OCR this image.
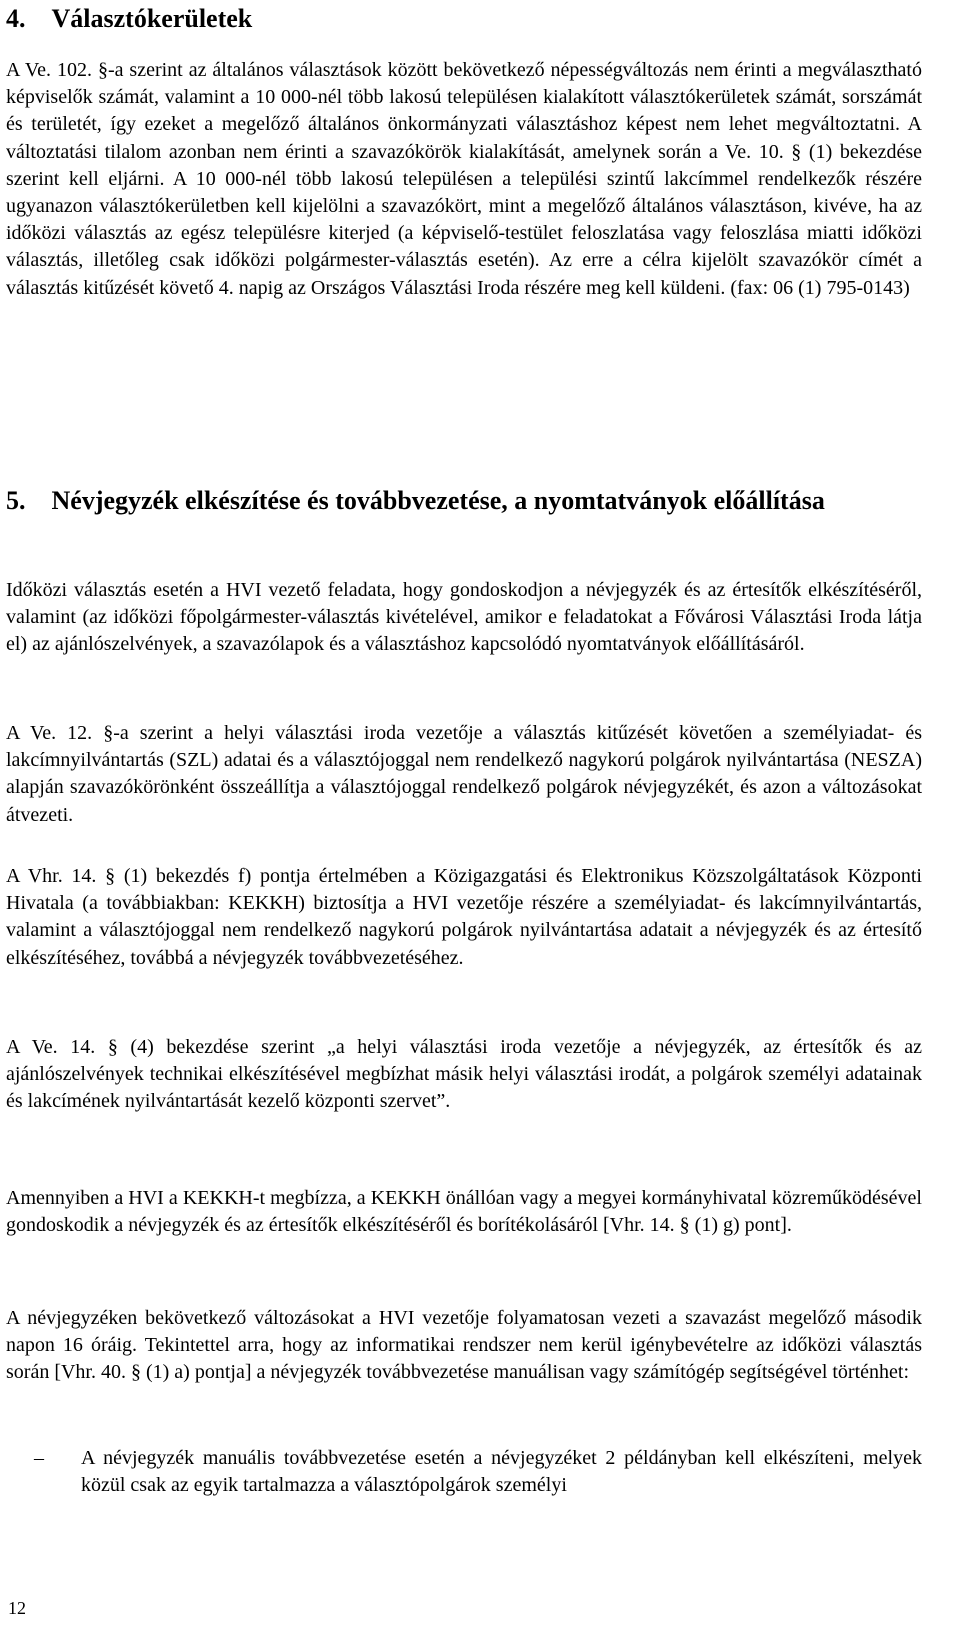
4.    Választókerületek

A Ve. 102. §-a szerint az általános választások között bekövetkező népességváltozás nem érinti a megválasztható képviselők számát, valamint a 10 000-nél több lakosú településen kialakított választókerületek számát, sorszámát és területét, így ezeket a megelőző általános önkormányzati választáshoz képest nem lehet megváltoztatni. A változtatási tilalom azonban nem érinti a szavazókörök kialakítását, amelynek során a Ve. 10. § (1) bekezdése szerint kell eljárni. A 10 000-nél több lakosú településen a települési szintű lakcímmel rendelkezők részére ugyanazon választókerületben kell kijelölni a szavazókört, mint a megelőző általános választáson, kivéve, ha az időközi választás az egész településre kiterjed (a képviselő-testület feloszlatása vagy feloszlása miatti időközi választás, illetőleg csak időközi polgármester-választás esetén). Az erre a célra kijelölt szavazókör címét a választás kitűzését követő 4. napig az Országos Választási Iroda részére meg kell küldeni. (fax: 06 (1) 795-0143)

5.    Névjegyzék elkészítése és továbbvezetése, a nyomtatványok előállítása

Időközi választás esetén a HVI vezető feladata, hogy gondoskodjon a névjegyzék és az értesítők elkészítéséről, valamint (az időközi főpolgármester-választás kivételével, amikor e feladatokat a Fővárosi Választási Iroda látja el) az ajánlószelvények, a szavazólapok és a választáshoz kapcsolódó nyomtatványok előállításáról.

A Ve. 12. §-a szerint a helyi választási iroda vezetője a választás kitűzését követően a személyiadat- és lakcímnyilvántartás (SZL) adatai és a választójoggal nem rendelkező nagykorú polgárok nyilvántartása (NESZA) alapján szavazókörönként összeállítja a választójoggal rendelkező polgárok névjegyzékét, és azon a változásokat átvezeti.

A Vhr. 14. § (1) bekezdés f) pontja értelmében a Közigazgatási és Elektronikus Közszolgáltatások Központi Hivatala (a továbbiakban: KEKKH) biztosítja a HVI vezetője részére a személyiadat- és lakcímnyilvántartás, valamint a választójoggal nem rendelkező nagykorú polgárok nyilvántartása adatait a névjegyzék és az értesítő elkészítéséhez, továbbá a névjegyzék továbbvezetéséhez.

A Ve. 14. § (4) bekezdése szerint „a helyi választási iroda vezetője a névjegyzék, az értesítők és az ajánlószelvények technikai elkészítésével megbízhat másik helyi választási irodát, a polgárok személyi adatainak és lakcímének nyilvántartását kezelő központi szervet”.

Amennyiben a HVI a KEKKH-t megbízza, a KEKKH önállóan vagy a megyei kormányhivatal közreműködésével gondoskodik a névjegyzék és az értesítők elkészítéséről és borítékolásáról [Vhr. 14. § (1) g) pont].

A névjegyzéken bekövetkező változásokat a HVI vezetője folyamatosan vezeti a szavazást megelőző második napon 16 óráig. Tekintettel arra, hogy az informatikai rendszer nem kerül igénybevételre az időközi választás során [Vhr. 40. § (1) a) pontja] a névjegyzék továbbvezetése manuálisan vagy számítógép segítségével történhet:

–	A névjegyzék manuális továbbvezetése esetén a névjegyzéket 2 példányban kell elkészíteni, melyek közül csak az egyik tartalmazza a választópolgárok személyi
12
